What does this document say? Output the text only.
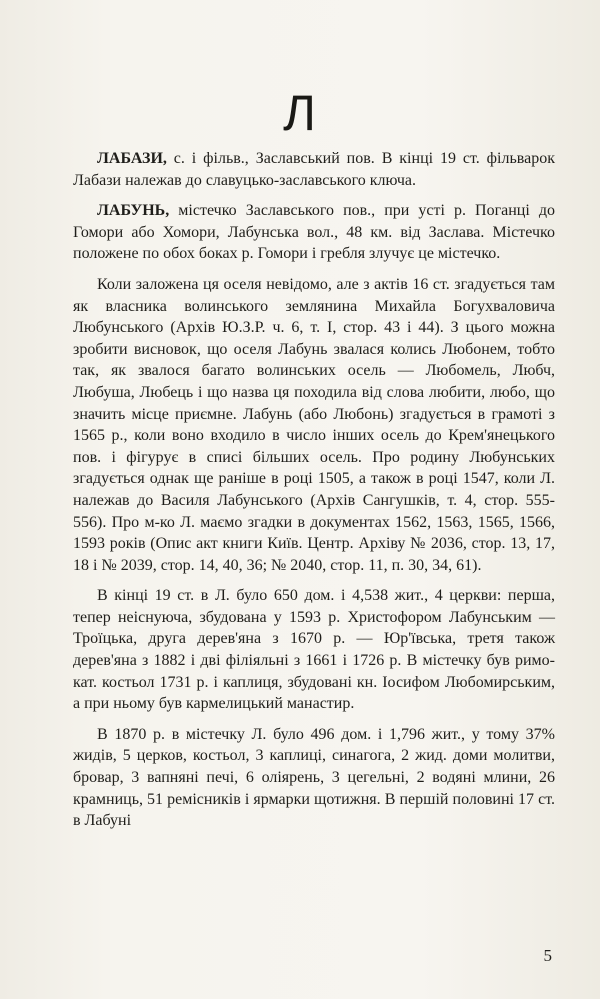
Л

ЛАБАЗИ, с. і фільв., Заславський пов. В кінці 19 ст. фільварок Лабази належав до славуцько-заславського ключа.

ЛАБУНЬ, містечко Заславського пов., при усті р. Поганці до Гомори або Хомори, Лабунська вол., 48 км. від Заслава. Містечко положене по обох боках р. Гомори і гребля злучує це містечко.

Коли заложена ця оселя невідомо, але з актів 16 ст. згадується там як власника волинського землянина Михайла Богухваловича Любунського (Архів Ю.З.Р. ч. 6, т. І, стор. 43 і 44). З цього можна зробити висновок, що оселя Лабунь звалася колись Любонем, тобто так, як звалося багато волинських осель — Любомель, Любч, Любуша, Любець і що назва ця походила від слова любити, любо, що значить місце приємне. Лабунь (або Любонь) згадується в грамоті з 1565 р., коли воно входило в число інших осель до Крем'янецького пов. і фігурує в списі більших осель. Про родину Любунських згадується однак ще раніше в році 1505, а також в році 1547, коли Л. належав до Василя Лабунського (Архів Сангушків, т. 4, стор. 555-556). Про м-ко Л. маємо згадки в документах 1562, 1563, 1565, 1566, 1593 років (Опис акт книги Київ. Центр. Архіву № 2036, стор. 13, 17, 18 і № 2039, стор. 14, 40, 36; № 2040, стор. 11, п. 30, 34, 61).

В кінці 19 ст. в Л. було 650 дом. і 4,538 жит., 4 церкви: перша, тепер неіснуюча, збудована у 1593 р. Христофором Лабунським — Троїцька, друга дерев'яна з 1670 р. — Юр'ївська, третя також дерев'яна з 1882 і дві філіяльні з 1661 і 1726 р. В містечку був римо-кат. костьол 1731 р. і каплиця, збудовані кн. Іосифом Любомирським, а при ньому був кармелицький манастир.

В 1870 р. в містечку Л. було 496 дом. і 1,796 жит., у тому 37% жидів, 5 церков, костьол, 3 каплиці, синагога, 2 жид. доми молитви, бровар, 3 вапняні печі, 6 оліярень, 3 цегельні, 2 водяні млини, 26 крамниць, 51 ремісників і ярмарки щотижня. В першій половині 17 ст. в Лабуні

5
